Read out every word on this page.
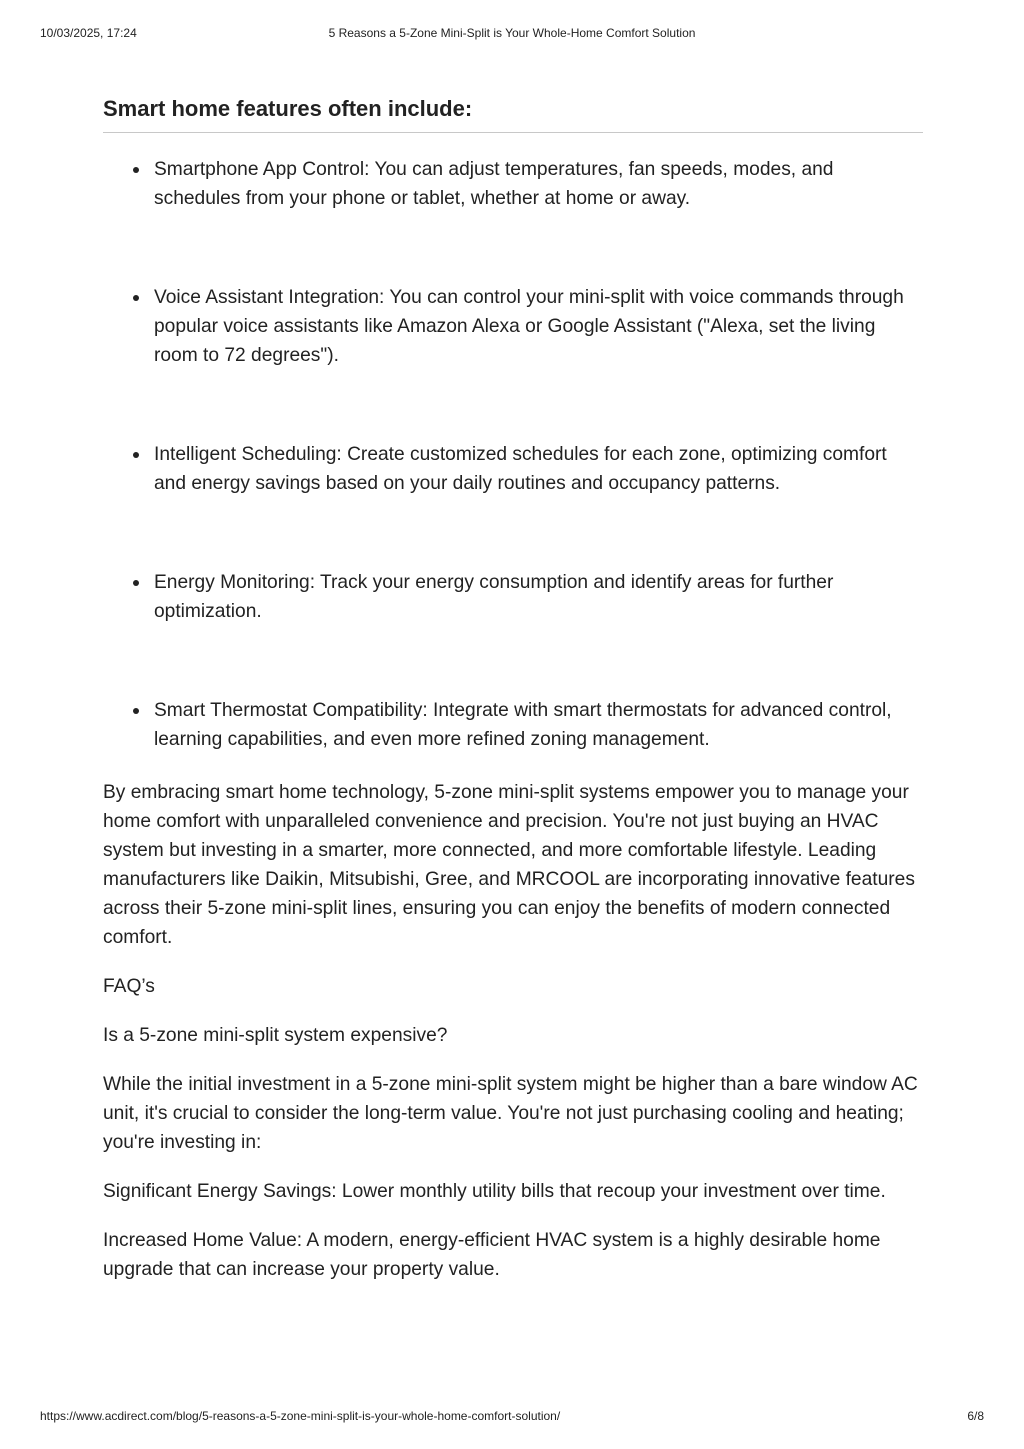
10/03/2025, 17:24	5 Reasons a 5-Zone Mini-Split is Your Whole-Home Comfort Solution
Smart home features often include:
Smartphone App Control: You can adjust temperatures, fan speeds, modes, and schedules from your phone or tablet, whether at home or away.
Voice Assistant Integration: You can control your mini-split with voice commands through popular voice assistants like Amazon Alexa or Google Assistant ("Alexa, set the living room to 72 degrees").
Intelligent Scheduling: Create customized schedules for each zone, optimizing comfort and energy savings based on your daily routines and occupancy patterns.
Energy Monitoring: Track your energy consumption and identify areas for further optimization.
Smart Thermostat Compatibility: Integrate with smart thermostats for advanced control, learning capabilities, and even more refined zoning management.

By embracing smart home technology, 5-zone mini-split systems empower you to manage your home comfort with unparalleled convenience and precision. You're not just buying an HVAC system but investing in a smarter, more connected, and more comfortable lifestyle. Leading manufacturers like Daikin, Mitsubishi, Gree, and MRCOOL are incorporating innovative features across their 5-zone mini-split lines, ensuring you can enjoy the benefits of modern connected comfort.

FAQ’s

Is a 5-zone mini-split system expensive?

While the initial investment in a 5-zone mini-split system might be higher than a bare window AC unit, it's crucial to consider the long-term value. You're not just purchasing cooling and heating; you're investing in:

Significant Energy Savings: Lower monthly utility bills that recoup your investment over time.

Increased Home Value: A modern, energy-efficient HVAC system is a highly desirable home upgrade that can increase your property value.

https://www.acdirect.com/blog/5-reasons-a-5-zone-mini-split-is-your-whole-home-comfort-solution/	6/8
